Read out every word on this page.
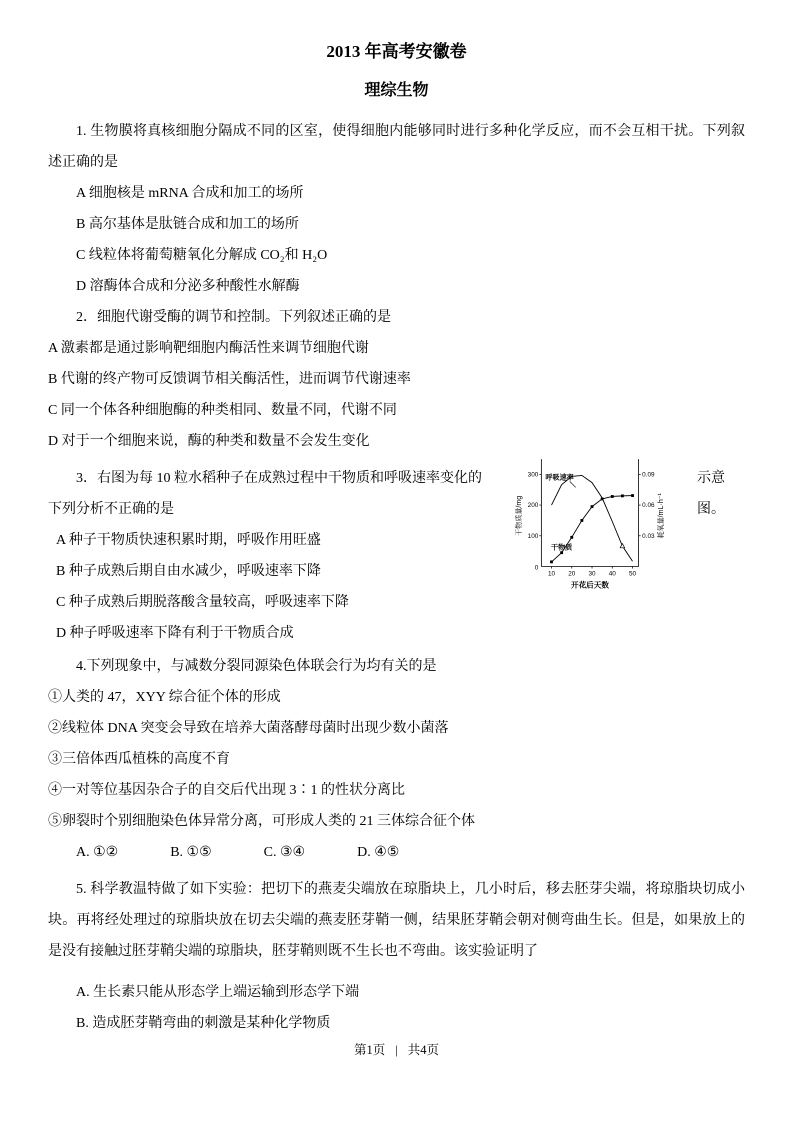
2013 年高考安徽卷
理综生物

1. 生物膜将真核细胞分隔成不同的区室，使得细胞内能够同时进行多种化学反应，而不会互相干扰。下列叙述正确的是

A 细胞核是 mRNA 合成和加工的场所

B 高尔基体是肽链合成和加工的场所

C 线粒体将葡萄糖氧化分解成 CO₂和 H₂O

D 溶酶体合成和分泌多种酸性水解酶

2．细胞代谢受酶的调节和控制。下列叙述正确的是

A 激素都是通过影响靶细胞内酶活性来调节细胞代谢

B 代谢的终产物可反馈调节相关酶活性，进而调节代谢速率

C 同一个体各种细胞酶的种类相同、数量不同，代谢不同

D 对于一个细胞来说，酶的种类和数量不会发生变化

3．右图为每 10 粒水稻种子在成熟过程中干物质和呼吸速率变化的

下列分析不正确的是

A 种子干物质快速积累时期，呼吸作用旺盛

B 种子成熟后期自由水减少，呼吸速率下降

C 种子成熟后期脱落酸含量较高，呼吸速率下降

D 种子呼吸速率下降有利于干物质合成

100
200
300
0
0.03
0.06
0.09
10 20 30 40 50
开花后天数
干物质量/mg	耗氧量/mL·h⁻¹
呼吸速率
干物质
示意图。

4.下列现象中，与减数分裂同源染色体联会行为均有关的是

①人类的 47，XYY 综合征个体的形成

②线粒体 DNA 突变会导致在培养大菌落酵母菌时出现少数小菌落

③三倍体西瓜植株的高度不育

④一对等位基因杂合子的自交后代出现 3∶1 的性状分离比

⑤卵裂时个别细胞染色体异常分离，可形成人类的 21 三体综合征个体

A. ①②	B. ①⑤	C. ③④	D. ④⑤

5. 科学教温特做了如下实验：把切下的燕麦尖端放在琼脂块上，几小时后，移去胚芽尖端，将琼脂块切成小块。再将经处理过的琼脂块放在切去尖端的燕麦胚芽鞘一侧，结果胚芽鞘会朝对侧弯曲生长。但是，如果放上的是没有接触过胚芽鞘尖端的琼脂块，胚芽鞘则既不生长也不弯曲。该实验证明了

A. 生长素只能从形态学上端运输到形态学下端

B. 造成胚芽鞘弯曲的刺激是某种化学物质

第1页 | 共4页
